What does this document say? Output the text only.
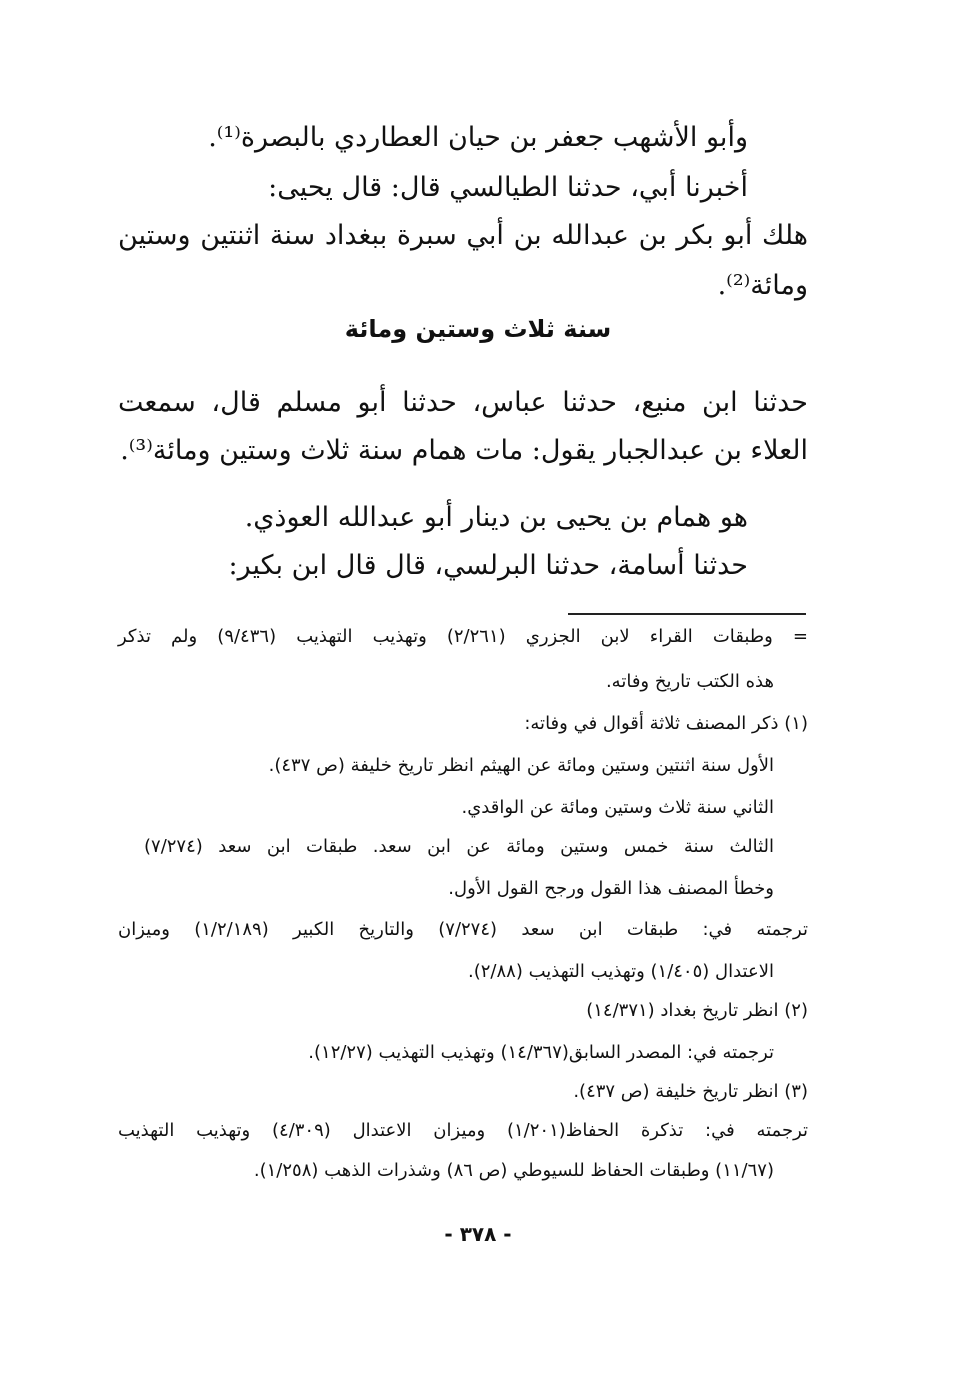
وأبو الأشهب جعفر بن حيان العطاردي بالبصرة⁽¹⁾.
أخبرنا أبي، حدثنا الطيالسي قال: قال يحيى:
هلك أبو بكر بن عبدالله بن أبي سبرة ببغداد سنة اثنتين وستين
ومائة⁽²⁾.
سنة ثلاث وستين ومائة
حدثنا ابن منيع، حدثنا عباس، حدثنا أبو مسلم قال، سمعت
العلاء بن عبدالجبار يقول: مات همام سنة ثلاث وستين ومائة⁽³⁾.
هو همام بن يحيى بن دينار أبو عبدالله العوذي.
حدثنا أسامة، حدثنا البرلسي، قال قال ابن بكير:
= وطبقات القراء لابن الجزري (٢/٢٦١) وتهذيب التهذيب (٩/٤٣٦) ولم تذكر
هذه الكتب تاريخ وفاته.
(١) ذكر المصنف ثلاثة أقوال في وفاته:
الأول سنة اثنتين وستين ومائة عن الهيثم انظر تاريخ خليفة (ص ٤٣٧).
الثاني سنة ثلاث وستين ومائة عن الواقدي.
الثالث سنة خمس وستين ومائة عن ابن سعد. طبقات ابن سعد (٧/٢٧٤)
وخطأ المصنف هذا القول ورجح القول الأول.
ترجمته في: طبقات ابن سعد (٧/٢٧٤) والتاريخ الكبير (١/٢/١٨٩) وميزان
الاعتدال (١/٤٠٥) وتهذيب التهذيب (٢/٨٨).
(٢) انظر تاريخ بغداد (١٤/٣٧١)
ترجمته في: المصدر السابق(١٤/٣٦٧) وتهذيب التهذيب (١٢/٢٧).
(٣) انظر تاريخ خليفة (ص ٤٣٧).
ترجمته في: تذكرة الحفاظ(١/٢٠١) وميزان الاعتدال (٤/٣٠٩) وتهذيب التهذيب
(١١/٦٧) وطبقات الحفاظ للسيوطي (ص ٨٦) وشذرات الذهب (١/٢٥٨).
- ٣٧٨ -
